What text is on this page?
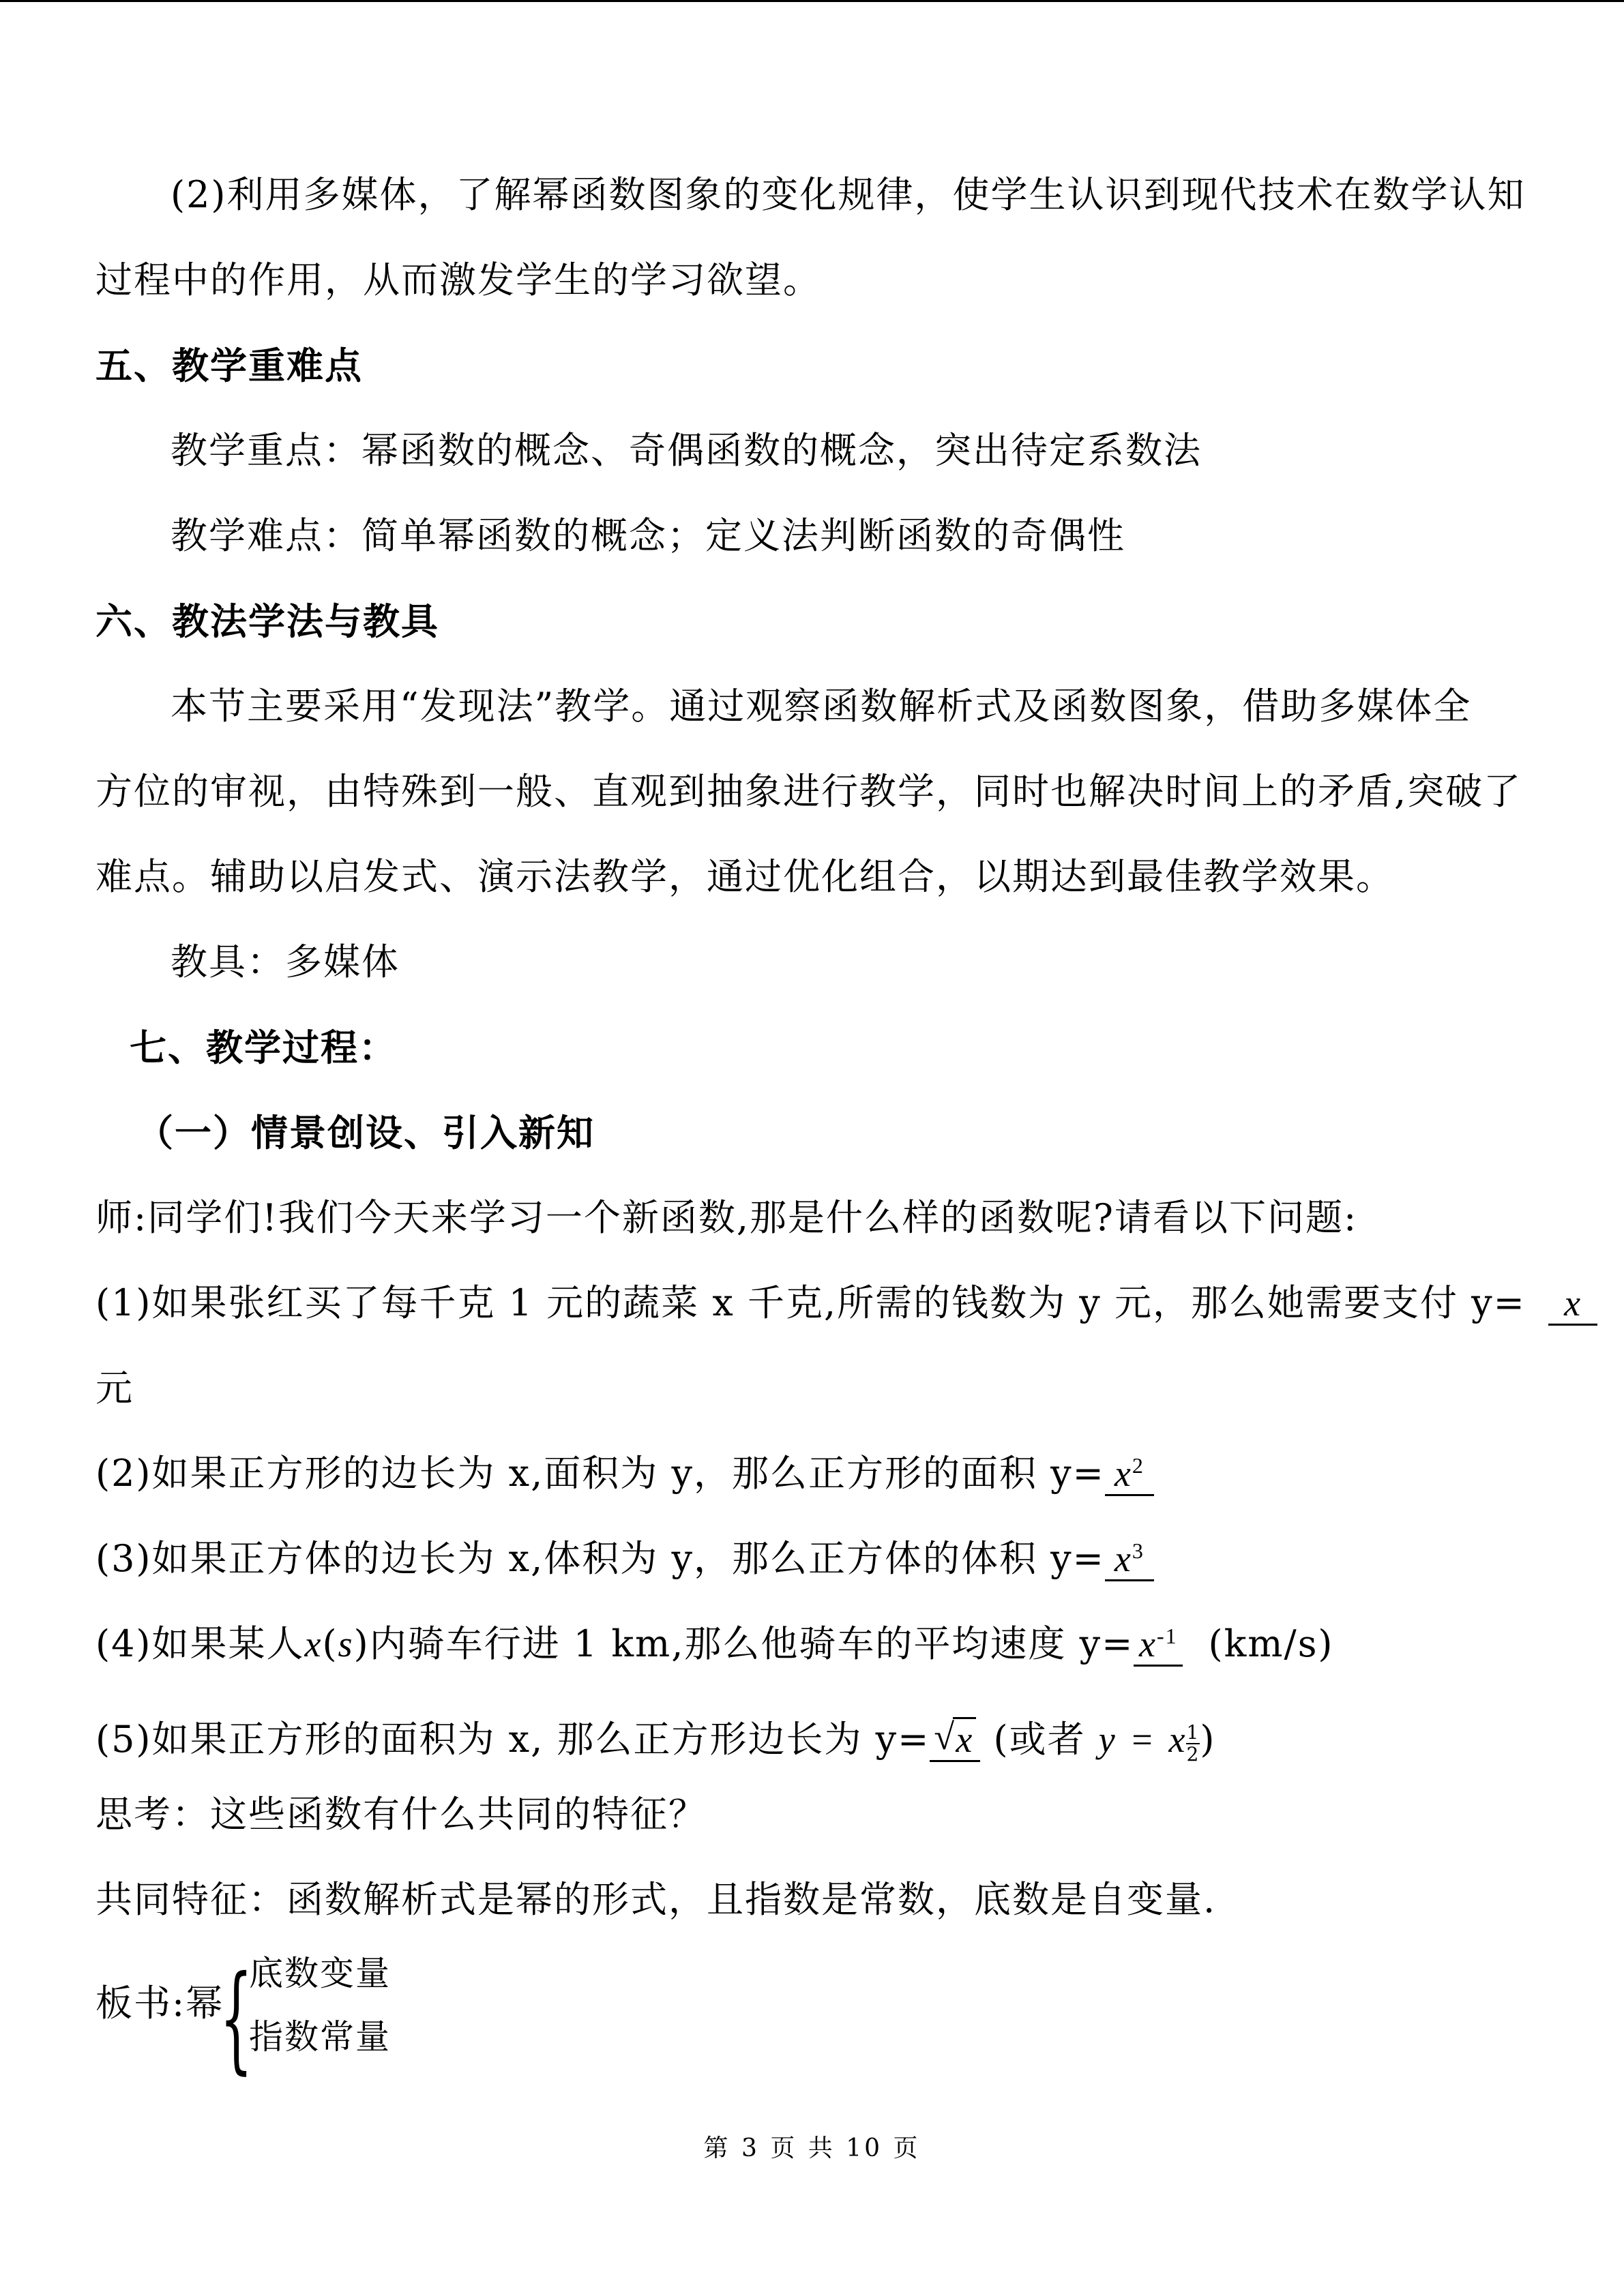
(2)利用多媒体，了解幂函数图象的变化规律，使学生认识到现代技术在数学认知
过程中的作用，从而激发学生的学习欲望。
五、教学重难点
教学重点：幂函数的概念、奇偶函数的概念，突出待定系数法
教学难点：简单幂函数的概念；定义法判断函数的奇偶性
六、教法学法与教具
本节主要采用“发现法”教学。通过观察函数解析式及函数图象，借助多媒体全
方位的审视，由特殊到一般、直观到抽象进行教学，同时也解决时间上的矛盾,突破了
难点。辅助以启发式、演示法教学，通过优化组合，以期达到最佳教学效果。
教具：多媒体
七、教学过程：
（一）情景创设、引入新知
师:同学们!我们今天来学习一个新函数,那是什么样的函数呢?请看以下问题:
(1)如果张红买了每千克 1 元的蔬菜 x 千克,所需的钱数为 y 元，那么她需要支付 y= x
元
(2)如果正方形的边长为 x,面积为 y，那么正方形的面积 $y= x^2$
(3)如果正方体的边长为 x,体积为 y，那么正方体的体积 $y= x^3$
(4)如果某人x(s)内骑车行进 1 km,那么他骑车的平均速度 $y= x^{-1}$ (km/s)
(5)如果正方形的面积为 x, 那么正方形边长为 y= √ x (或者 y = x $\frac{1}{2}$ )
思考：这些函数有什么共同的特征？
共同特征：函数解析式是幂的形式，且指数是常数，底数是自变量.
板书:幂
{
底数变量
指数常量
第 3 页 共 10 页
